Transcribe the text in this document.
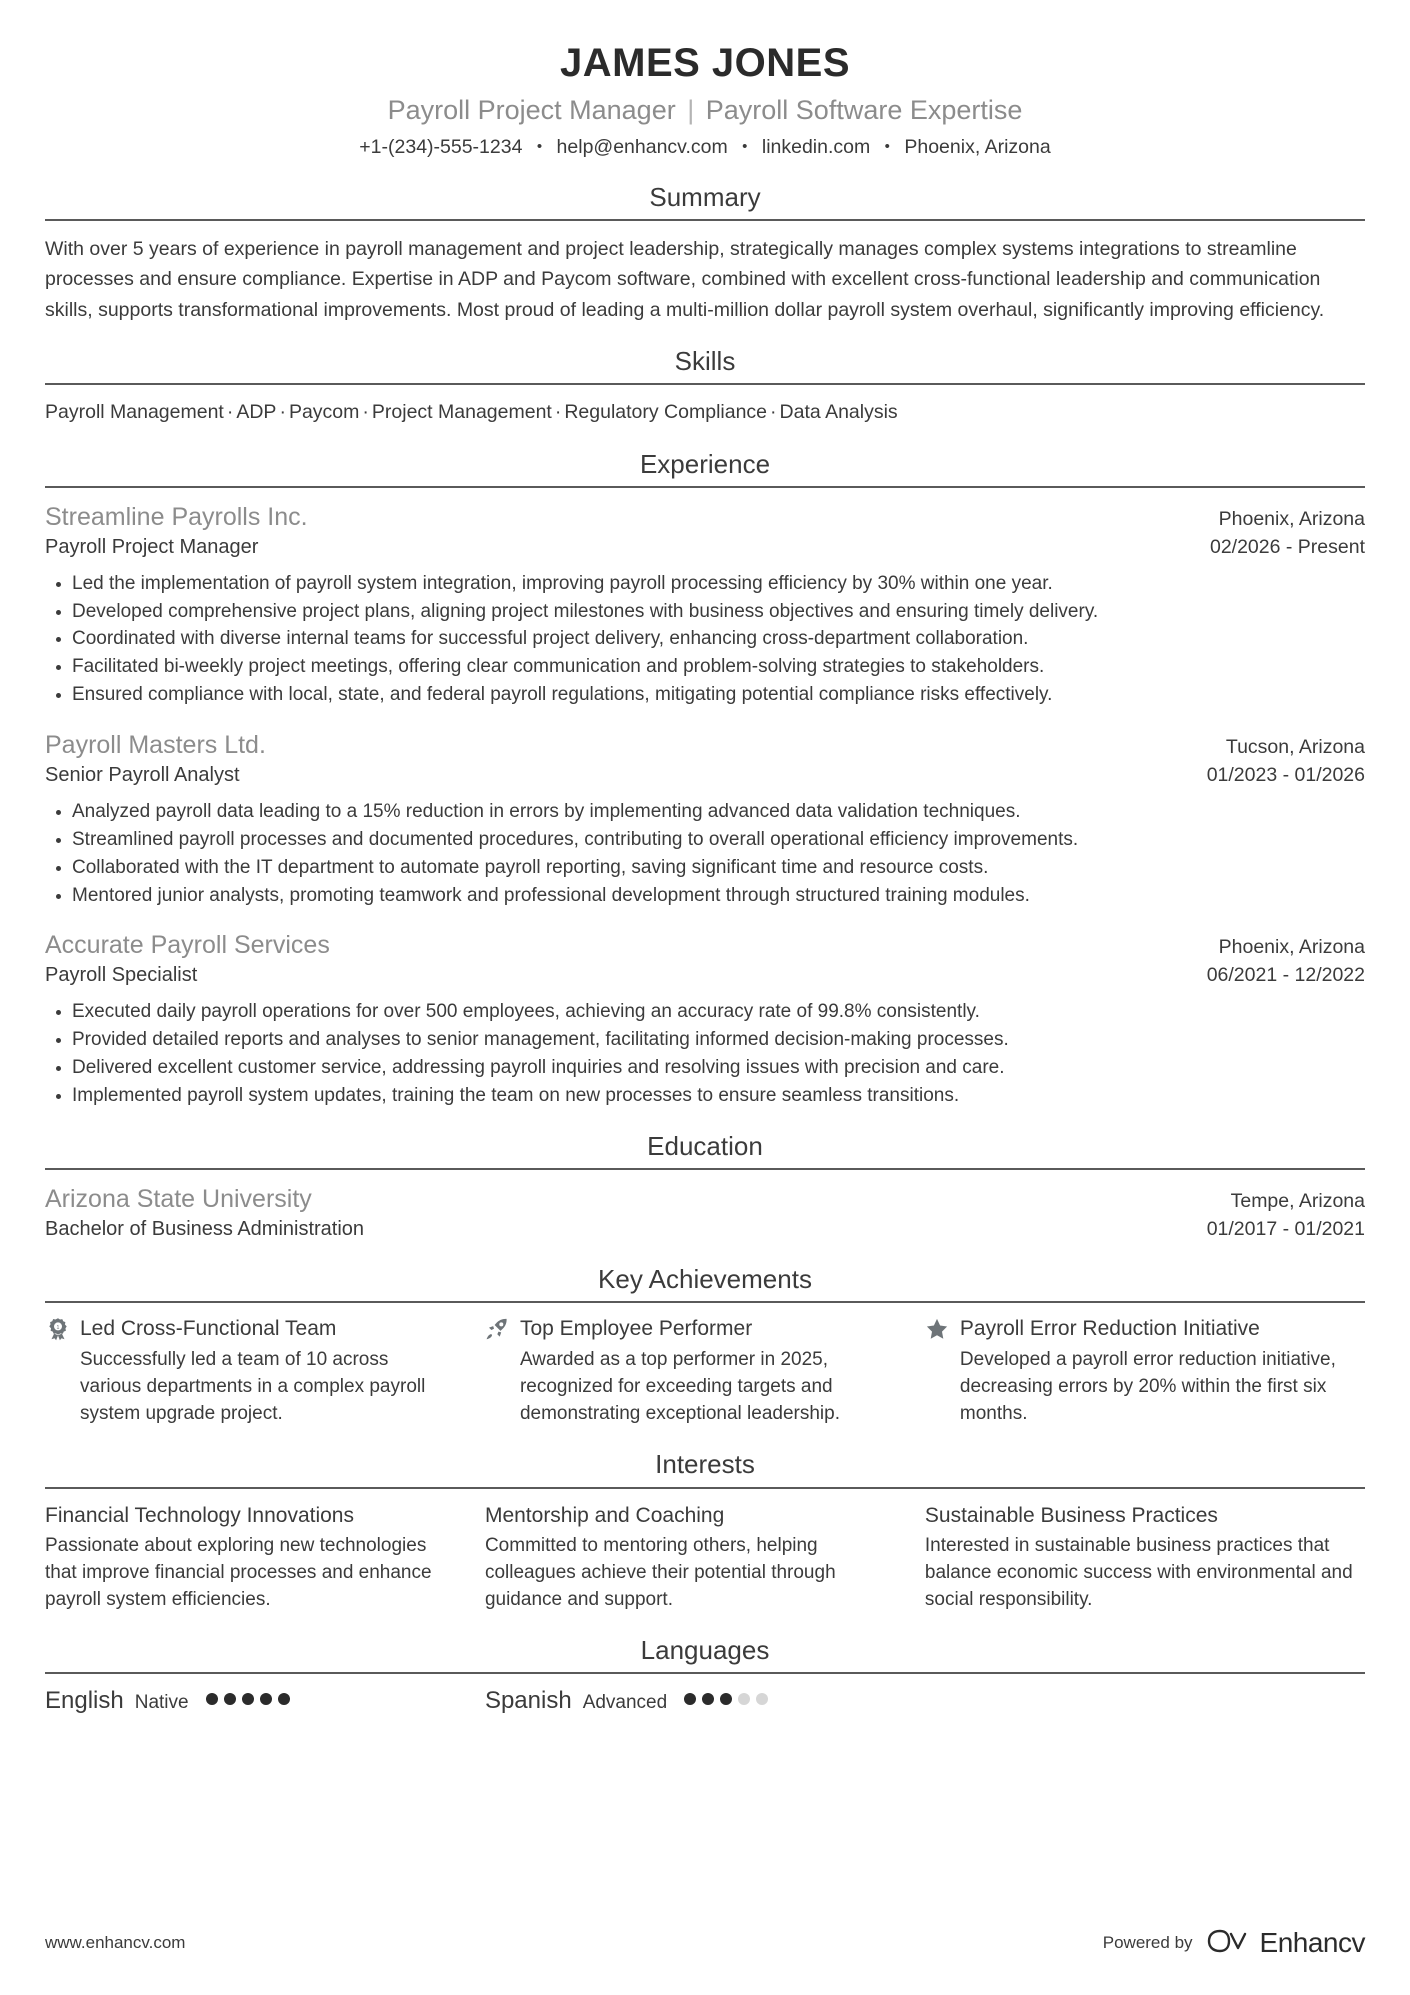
JAMES JONES
Payroll Project Manager | Payroll Software Expertise
+1-(234)-555-1234 • help@enhancv.com • linkedin.com • Phoenix, Arizona
Summary

With over 5 years of experience in payroll management and project leadership, strategically manages complex systems integrations to streamline processes and ensure compliance. Expertise in ADP and Paycom software, combined with excellent cross-functional leadership and communication skills, supports transformational improvements. Most proud of leading a multi-million dollar payroll system overhaul, significantly improving efficiency.

Skills
Payroll Management · ADP · Paycom · Project Management · Regulatory Compliance · Data Analysis
Experience
Streamline Payrolls Inc.	Phoenix, Arizona
Payroll Project Manager	02/2026 - Present
Led the implementation of payroll system integration, improving payroll processing efficiency by 30% within one year.
Developed comprehensive project plans, aligning project milestones with business objectives and ensuring timely delivery.
Coordinated with diverse internal teams for successful project delivery, enhancing cross-department collaboration.
Facilitated bi-weekly project meetings, offering clear communication and problem-solving strategies to stakeholders.
Ensured compliance with local, state, and federal payroll regulations, mitigating potential compliance risks effectively.
Payroll Masters Ltd.	Tucson, Arizona
Senior Payroll Analyst	01/2023 - 01/2026
Analyzed payroll data leading to a 15% reduction in errors by implementing advanced data validation techniques.
Streamlined payroll processes and documented procedures, contributing to overall operational efficiency improvements.
Collaborated with the IT department to automate payroll reporting, saving significant time and resource costs.
Mentored junior analysts, promoting teamwork and professional development through structured training modules.
Accurate Payroll Services	Phoenix, Arizona
Payroll Specialist	06/2021 - 12/2022
Executed daily payroll operations for over 500 employees, achieving an accuracy rate of 99.8% consistently.
Provided detailed reports and analyses to senior management, facilitating informed decision-making processes.
Delivered excellent customer service, addressing payroll inquiries and resolving issues with precision and care.
Implemented payroll system updates, training the team on new processes to ensure seamless transitions.
Education
Arizona State University	Tempe, Arizona
Bachelor of Business Administration	01/2017 - 01/2021
Key Achievements
1 Led Cross-Functional Team
Successfully led a team of 10 across various departments in a complex payroll system upgrade project.
Top Employee Performer
Awarded as a top performer in 2025, recognized for exceeding targets and demonstrating exceptional leadership.
Payroll Error Reduction Initiative
Developed a payroll error reduction initiative, decreasing errors by 20% within the first six months.
Interests
Financial Technology Innovations
Passionate about exploring new technologies that improve financial processes and enhance payroll system efficiencies.
Mentorship and Coaching
Committed to mentoring others, helping colleagues achieve their potential through guidance and support.
Sustainable Business Practices
Interested in sustainable business practices that balance economic success with environmental and social responsibility.
Languages
English Native	Spanish Advanced
www.enhancv.com	Powered by Enhancv
